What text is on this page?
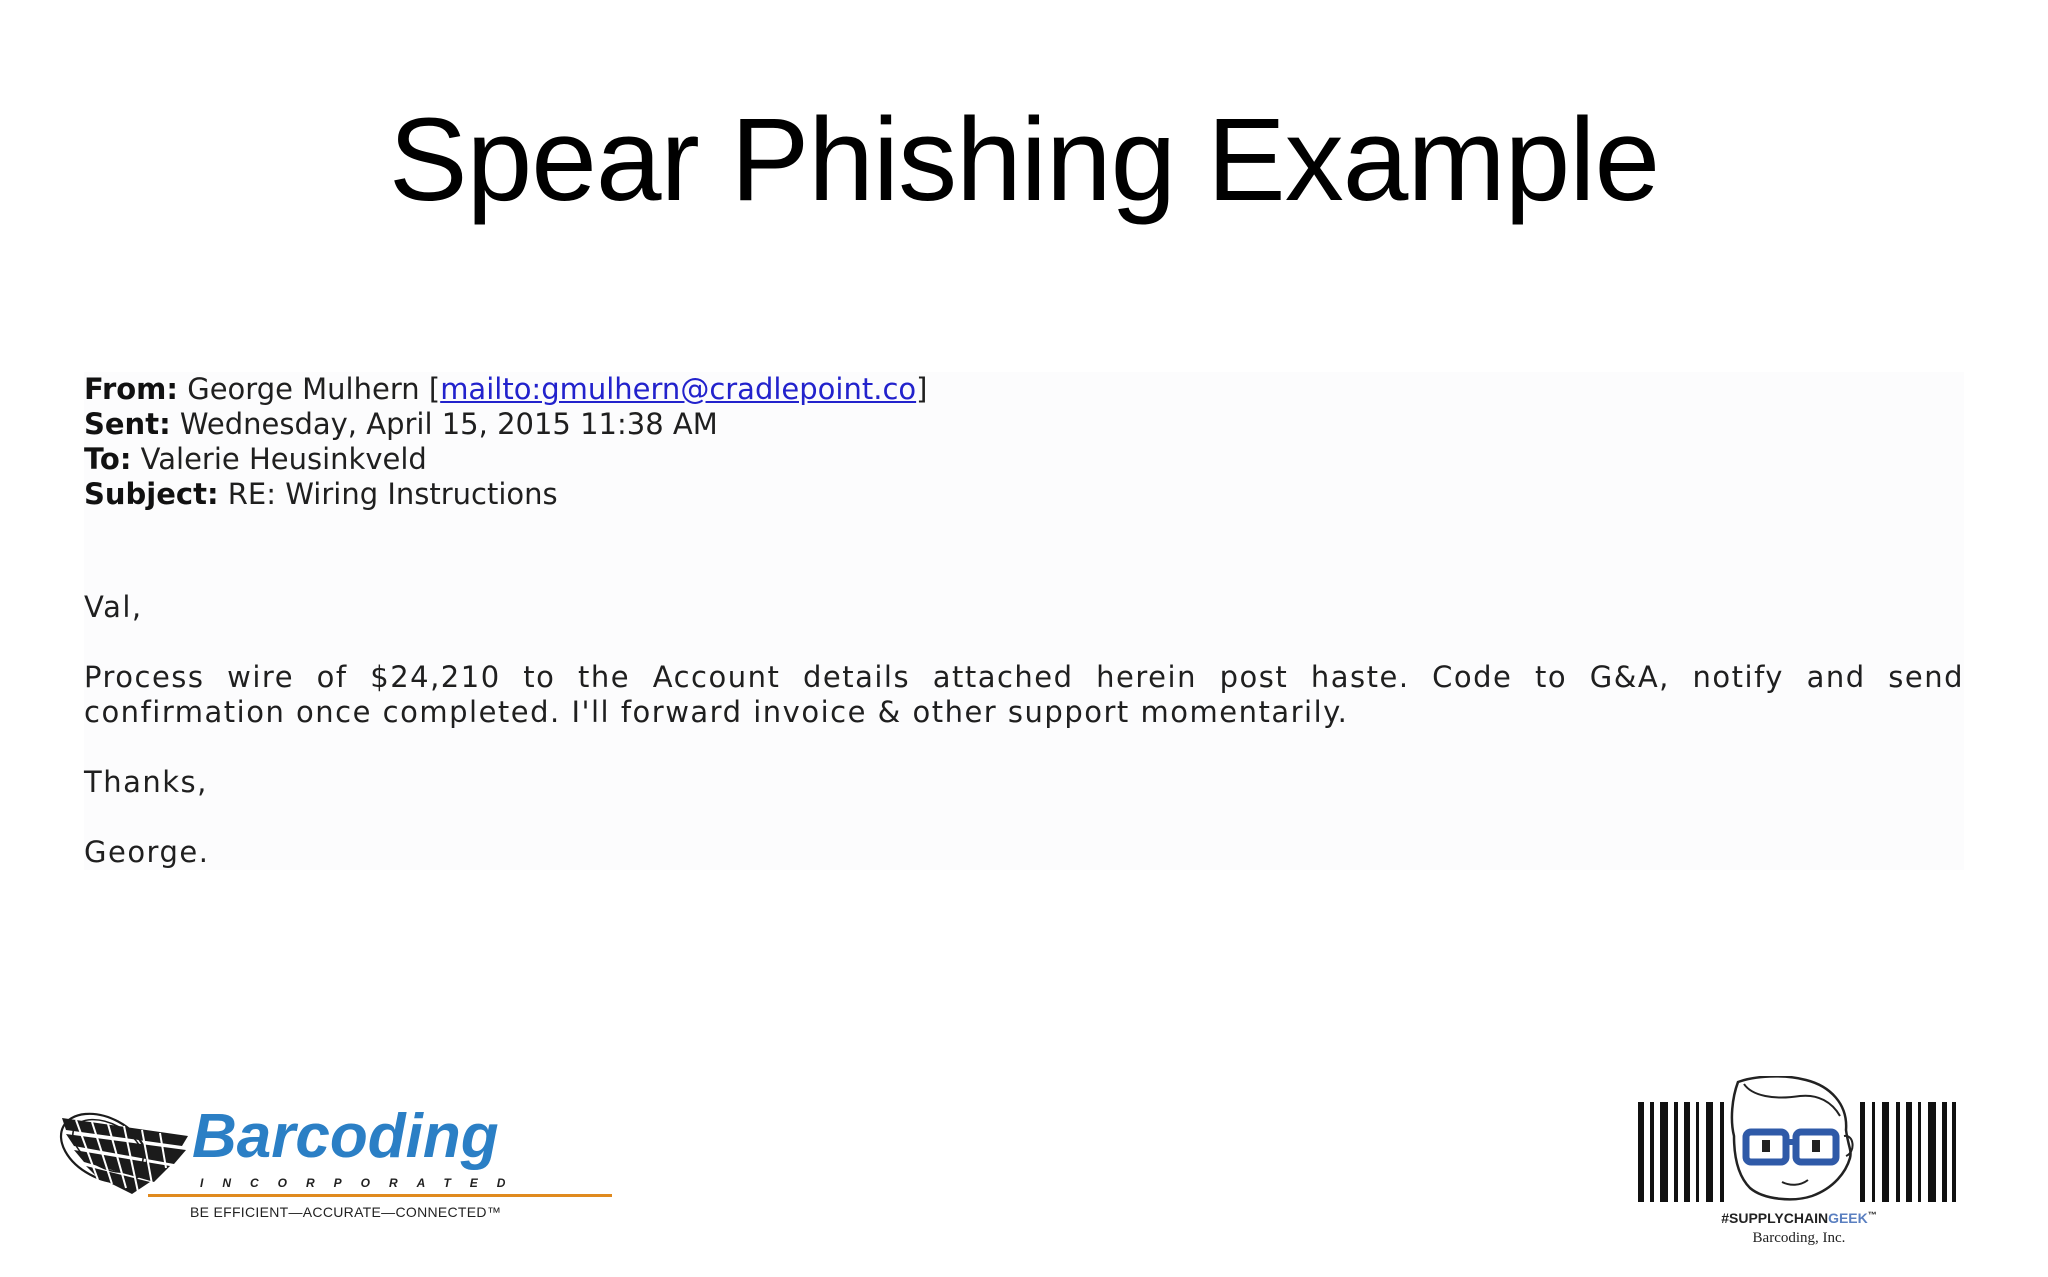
Spear Phishing Example
From: George Mulhern [mailto:gmulhern@cradlepoint.co]
Sent: Wednesday, April 15, 2015 11:38 AM
To: Valerie Heusinkveld
Subject: RE: Wiring Instructions
Val,
Process wire of $24,210 to the Account details attached herein post haste. Code to G&A, notify and send confirmation once completed. I'll forward invoice & other support momentarily.
Thanks,
George.
Barcoding
INCORPORATED
BE EFFICIENT—ACCURATE—CONNECTED™	#SUPPLYCHAINGEEK™
Barcoding, Inc.
